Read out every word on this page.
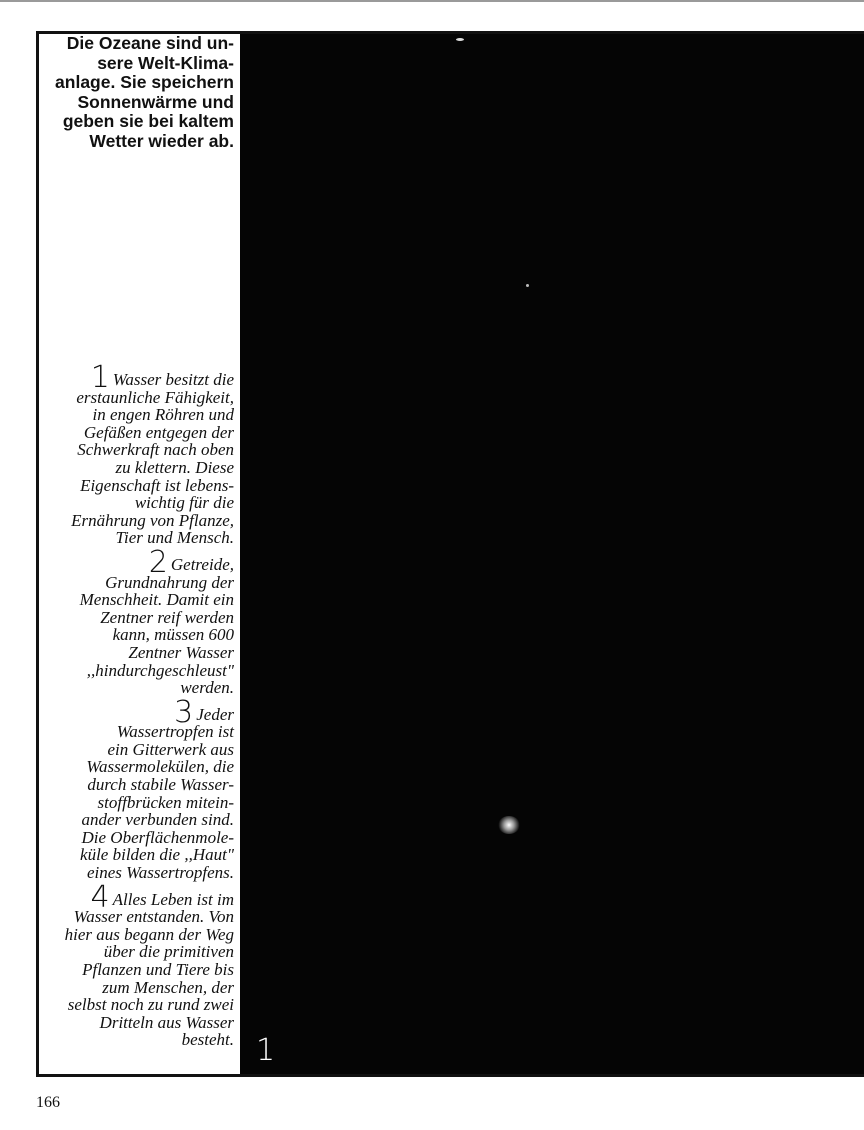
1
Die Ozeane sind un-
sere Welt-Klima-
anlage. Sie speichern
Sonnenwärme und
geben sie bei kaltem
Wetter wieder ab.
1 Wasser besitzt die
erstaunliche Fähigkeit,
in engen Röhren und
Gefäßen entgegen der
Schwerkraft nach oben
zu klettern. Diese
Eigenschaft ist lebens-
wichtig für die
Ernährung von Pflanze,
Tier und Mensch.
2 Getreide,
Grundnahrung der
Menschheit. Damit ein
Zentner reif werden
kann, müssen 600
Zentner Wasser
,,hindurchgeschleust"
werden.
3 Jeder
Wassertropfen ist
ein Gitterwerk aus
Wassermolekülen, die
durch stabile Wasser-
stoffbrücken mitein-
ander verbunden sind.
Die Oberflächenmole-
küle bilden die ,,Haut"
eines Wassertropfens.
4 Alles Leben ist im
Wasser entstanden. Von
hier aus begann der Weg
über die primitiven
Pflanzen und Tiere bis
zum Menschen, der
selbst noch zu rund zwei
Dritteln aus Wasser
besteht.
166
